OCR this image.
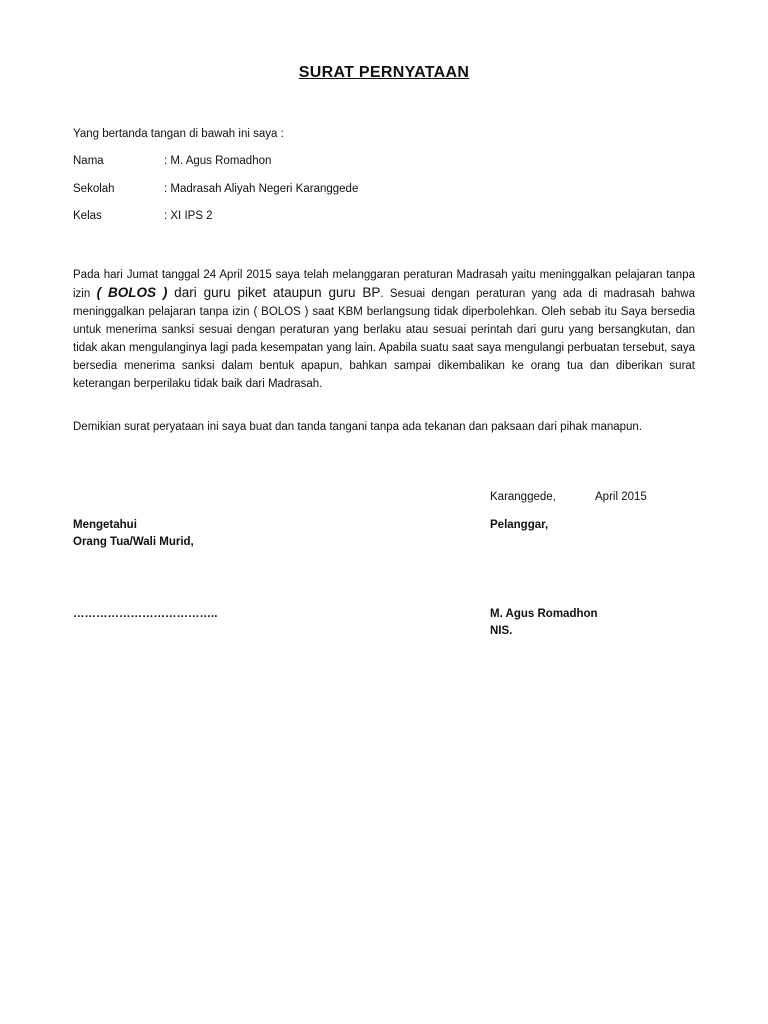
SURAT PERNYATAAN
Yang bertanda tangan di bawah ini saya :
Nama	: M. Agus Romadhon
Sekolah	: Madrasah Aliyah Negeri Karanggede
Kelas	: XI IPS 2
Pada hari Jumat tanggal 24 April 2015 saya telah melanggaran peraturan Madrasah yaitu meninggalkan pelajaran tanpa izin ( BOLOS ) dari guru piket ataupun guru BP. Sesuai dengan peraturan yang ada di madrasah bahwa meninggalkan pelajaran tanpa izin ( BOLOS ) saat KBM berlangsung tidak diperbolehkan. Oleh sebab itu Saya bersedia untuk menerima sanksi sesuai dengan peraturan yang berlaku atau sesuai perintah dari guru yang bersangkutan, dan tidak akan mengulanginya lagi pada kesempatan yang lain. Apabila suatu saat saya mengulangi perbuatan tersebut, saya bersedia menerima sanksi dalam bentuk apapun, bahkan sampai dikembalikan ke orang tua dan diberikan surat keterangan berperilaku tidak baik dari Madrasah.
Demikian surat peryataan ini saya buat dan tanda tangani tanpa ada tekanan dan paksaan dari pihak manapun.
Karanggede,	April 2015
Mengetahui
Orang Tua/Wali Murid,
Pelanggar,
………………………………..	M. Agus Romadhon
NIS.
